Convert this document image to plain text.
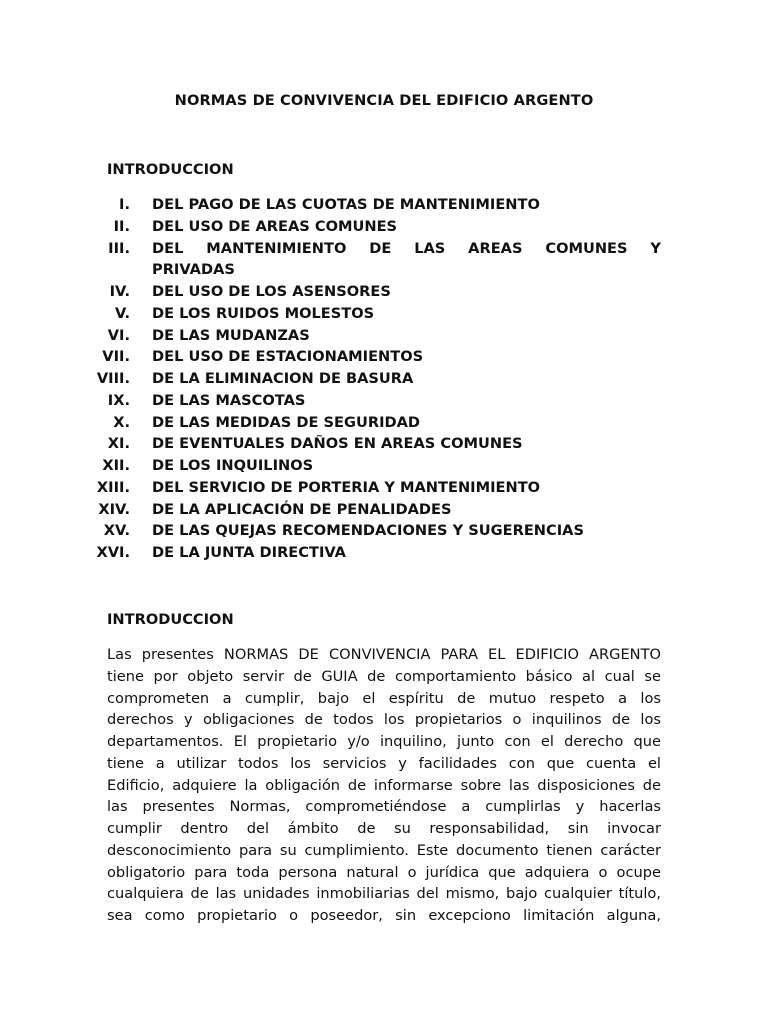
NORMAS DE CONVIVENCIA DEL EDIFICIO ARGENTO
INTRODUCCION
I. DEL PAGO DE LAS CUOTAS DE MANTENIMIENTO
II. DEL USO DE AREAS COMUNES
III. DEL  MANTENIMIENTO  DE  LAS  AREAS  COMUNES  Y
PRIVADAS
IV. DEL USO DE LOS ASENSORES
V. DE LOS RUIDOS MOLESTOS
VI. DE LAS MUDANZAS
VII. DEL USO DE ESTACIONAMIENTOS
VIII. DE LA ELIMINACION DE BASURA
IX. DE LAS MASCOTAS
X. DE LAS MEDIDAS DE SEGURIDAD
XI. DE EVENTUALES DAÑOS EN AREAS COMUNES
XII. DE LOS INQUILINOS
XIII. DEL SERVICIO DE PORTERIA Y MANTENIMIENTO
XIV. DE LA APLICACIÓN DE PENALIDADES
XV. DE LAS QUEJAS RECOMENDACIONES Y SUGERENCIAS
XVI. DE LA JUNTA DIRECTIVA
INTRODUCCION

Las presentes NORMAS DE CONVIVENCIA PARA EL EDIFICIO ARGENTO
tiene por objeto servir de GUIA de comportamiento básico al cual se
comprometen a cumplir, bajo el espíritu de mutuo respeto a los
derechos y obligaciones de todos los propietarios o inquilinos de los
departamentos. El propietario y/o inquilino, junto con el derecho que
tiene a utilizar todos los servicios y facilidades con que cuenta el
Edificio, adquiere la obligación de informarse sobre las disposiciones de
las presentes Normas, comprometiéndose a cumplirlas y hacerlas
cumplir dentro del ámbito de su responsabilidad, sin invocar
desconocimiento para su cumplimiento. Este documento tienen carácter
obligatorio para toda persona natural o jurídica que adquiera o ocupe
cualquiera de las unidades inmobiliarias del mismo, bajo cualquier título,
sea como propietario o poseedor, sin excepciono limitación alguna,
